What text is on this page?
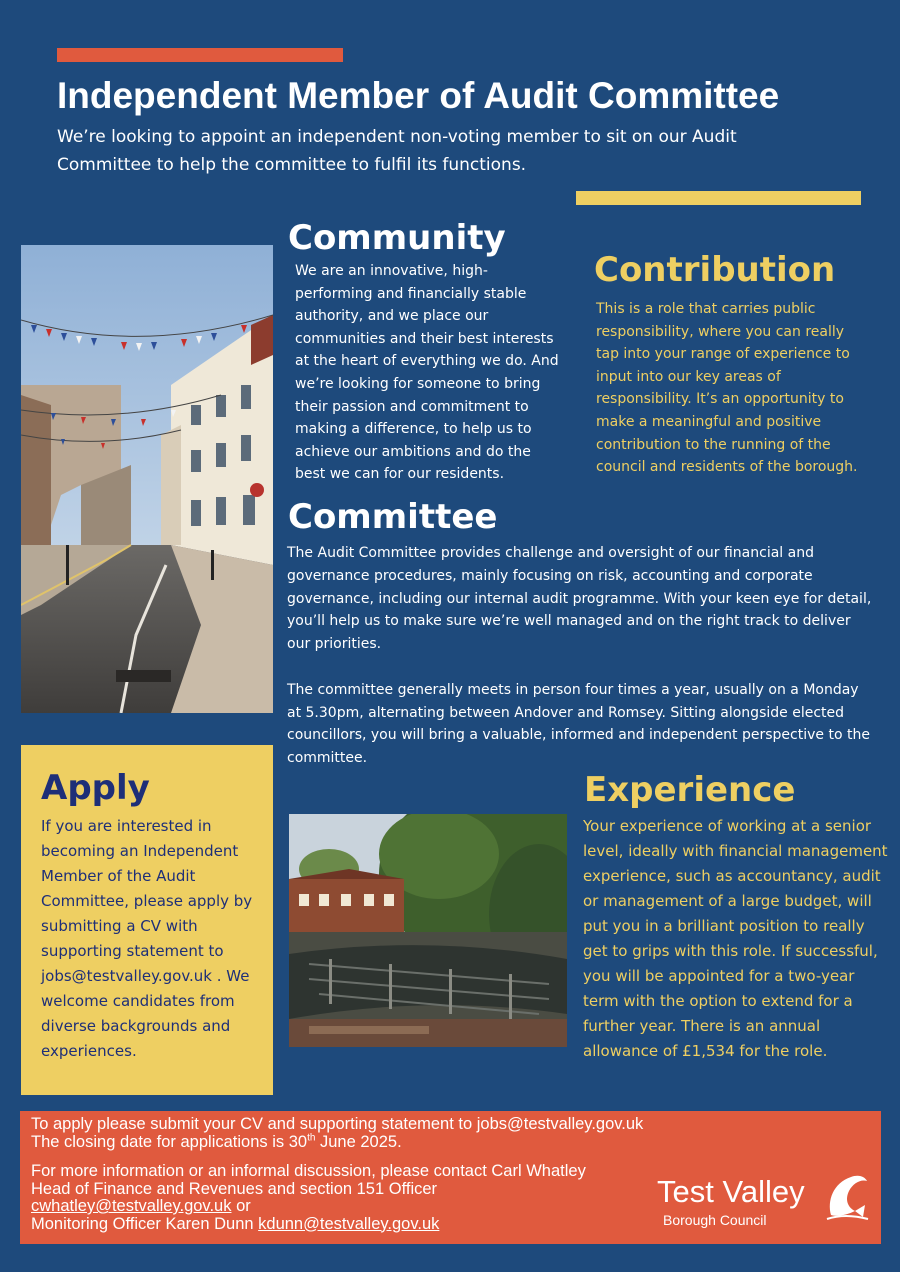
Independent Member of Audit Committee
We’re looking to appoint an independent non-voting member to sit on our Audit
Committee to help the committee to fulfil its functions.
Community

We are an innovative, high-performing and financially stable authority, and we place our communities and their best interests at the heart of everything we do. And we’re looking for someone to bring their passion and commitment to making a difference, to help us to achieve our ambitions and do the best we can for our residents.

Contribution

This is a role that carries public responsibility, where you can really tap into your range of experience to input into our key areas of responsibility. It’s an opportunity to make a meaningful and positive contribution to the running of the council and residents of the borough.

Committee

The Audit Committee provides challenge and oversight of our financial and governance procedures, mainly focusing on risk, accounting and corporate governance, including our internal audit programme. With your keen eye for detail, you’ll help us to make sure we’re well managed and on the right track to deliver our priorities.

The committee generally meets in person four times a year, usually on a Monday at 5.30pm, alternating between Andover and Romsey. Sitting alongside elected councillors, you will bring a valuable, informed and independent perspective to the committee.

Apply

If you are interested in becoming an Independent Member of the Audit Committee, please apply by submitting a CV with supporting statement to jobs@testvalley.gov.uk . We welcome candidates from diverse backgrounds and experiences.

Experience

Your experience of working at a senior level, ideally with financial management experience, such as accountancy, audit or management of a large budget, will put you in a brilliant position to really get to grips with this role. If successful, you will be appointed for a two-year term with the option to extend for a further year. There is an annual allowance of £1,534 for the role.

To apply please submit your CV and supporting statement to jobs@testvalley.gov.uk
The closing date for applications is 30th June 2025.
For more information or an informal discussion, please contact Carl Whatley
Head of Finance and Revenues and section 151 Officer
cwhatley@testvalley.gov.uk or
Monitoring Officer Karen Dunn kdunn@testvalley.gov.uk
Test Valley
Borough Council
